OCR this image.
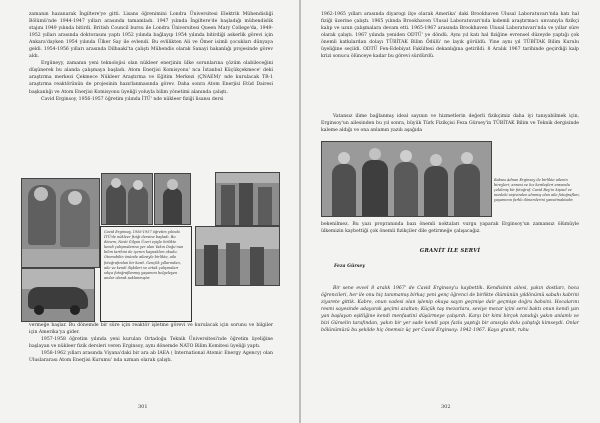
zamanın hazanarak İngiltere'ye gitti. Lisans öğrenimini Londra Üniversitesi Elektrik Mühendisliği Bölümü'nde 1944-1947 yılları arasında tamamladı. 1947 yılında İngiltere'de başladığı mühendislik stajını 1949 yılında bitirdi. British Council bursu ile Londra Üniversitesi Queen Mary College'da, 1949-1952 yılları arasında doktorasını yaptı 1952 yılında bağlayıp 1954 yılında bitirdiği askerlik görevi için Ankara'dayken 1954 yılında Ülker Say ile evlendi. Bu evlilikten Ali ve Ömer isimli çocukları dünyaya geldi. 1954-1956 yılları arasında Dilbaaki'ta çalıştı Mühendis olarak Sanayi bakanlığı projesinde görev aldı.

Ergüneyy, zamanın yeni teknolojisi olan nükleer enerjinin ülke sorunlarına çözüm olabileceğini düşünerek bu alanda çalışmaya başladı. Atom Enerjisi Komisyonu' nca İstanbul Küçükçekmece' deki araştırma merkezi Çekmece Nükleer Araştırma ve Eğitim Merkezi (ÇNAEM)' nde kurulacak TR-1 araştırma reaktörünün de projesinin hazırlanmasında görev. Daha sonra Atom Enerjisi Etüd Dairesi başkanlığı ve Atom Enerjisi Komisyonu üyeliği yoluyla bilim yönetimi alanında çalıştı.

Cavid Erginsoy, 1956-1957 öğretim yılında İTÜ' nde nükleer fiziği lisansı dersi

Cavid Erginsoy, 1956-1957 öğretim yılında İTÜ'de nükleer fiziği dersine başladı. Bu dönem, Nesti Gilyan Üzeri eşiyle birlikte kendi çalışmalarına yer alan Yakın Doğu'nun bilim tarihini de içeren kaynakları okudu. Otomobilin önünde ailesiyle birlikte, aile fotoğrafından bir kesit. Gençlik yıllarından, aile ve kendi ilişkileri ve ortak çalışmaları sıkça fotoğraflanmış yaşamını belgeleyen anılar olarak saklanmıştır.

vermeğe başlar. Bu dönemde bir süre için reaktör işletme görevi ve kurulacak için sorunu ve bilgiler için Amerika'ya gider.

1957-1958 öğretim yılında yeni kurulan Ortadoğu Teknik Üniversitesi'nde öğretim üyeliğine başlayan ve nükleer fizik dersleri veren Erginsoy, aynı dönemde NATO Bilim Komitesi üyeliği yaptı.

1958-1962 yılları arasında Viyana'daki bir ara ab IAEA ( International Atomic Energy Agency) olan Uluslararası Atom Enerjisi Kurumu' nda uzman olarak çalıştı.

301

1962-1965 yılları arasında diyarogi ilçe olarak Amerika' daki Brookhaven Ulusal Laboratuvarı'nda katı hal fiziği üzerine çalıştı. 1965 yılında Brookhaven Ulusal Laboratuvarı'nda kıdemli araştırmacı unvanıyla fizikçi kalıp ve uzun çalışmalara devam etti. 1965-1967 arasında Brookhaven Ulusal Laboratuvarı'nda ve yıllar süre olarak çalıştı. 1967 yılında yeniden ODTÜ' ye döndü. Aynı yıl katı hal fiziğine evrensel düzeyde yaptığı çok önemli katkılardan dolayı TÜBİTAK Bilim Ödülü' ne layık görüldü. Yine aynı yıl TÜBİTAK Bilim Kurulu üyeliğine seçildi. ODTÜ Fen-Edebiyat Fakültesi dekanlığına getirildi. 8 Aralık 1967 tarihinde geçirdiği kalp krizi sonucu ölünceye kadar bu görevi sürdürdü.

Babası Adnan Erginsoy ile birlikte ailenin bireyleri; annesi ve kız kardeşleri arasında çekilmiş bir fotoğraf. Cavid Bey'in kişisel ve mesleki arşivinden alınmış olan aile fotoğrafları, yaşamının farklı dönemlerini yansıtmaktadır.

Vatansız ilime bağlanmış ideal sayının ve hizmetlerin değerli fizikçimiz daha iyi tanıyabilmek için, Erginsoy'un ailesinden bu yıl sonra, büyük Türk Fizikçisi Feza Gürsey'in TÜBİTAK Bilim ve Teknik dergisinde kaleme aldığı ve ona anlamın yazılı aşağıda

bekenilmez. Bu yazı propranında bazı önemli noktaları vurgu yaparak Erginsoy'un zamansız ölümüyle ülkemizin kaybettiği çok önemli fizikçiler dile getirmeğe çalışacağız.

GRANİT İLE SERVİ
Feza Gürsey

Bir sene evvel 8 aralık 1967' de Cavid Erginsoy'u kaybettik. Kendisinin ailesi, yakın dostları, hoca öğrencileri, her ile onu hiç tanımamış birkaç yeni genç öğrenci de birlikte ölümünün yıldönümü sabahı kabrini ziyarete gittik. Kabre, onun vadesi olan işlenip okuya sayın geçmişe dair geçmişe doğru bahsini. Hocalarını resmi sayesinde adayarak geçimi azaltan; Küçük taş mezarlara, seviye mezar içini servi baktı onun kendi yan yan başlayan eşitliğine kendi menfaatini düşürmeye çalışırdı. Karşı bir kimi birçok tanıdığı yakın anlamlı ve bizi Gürselin tarafından, yakın bir yer sade kendi yapı fazla yaptığı bir anısıyla dolu çalıştığı kimseydi. Onlar bölünümüzü bu şekilde hiç önemsiz üç yer Cavid Erginsoy: 1942-1967. Kaya granit, ruhu

302
